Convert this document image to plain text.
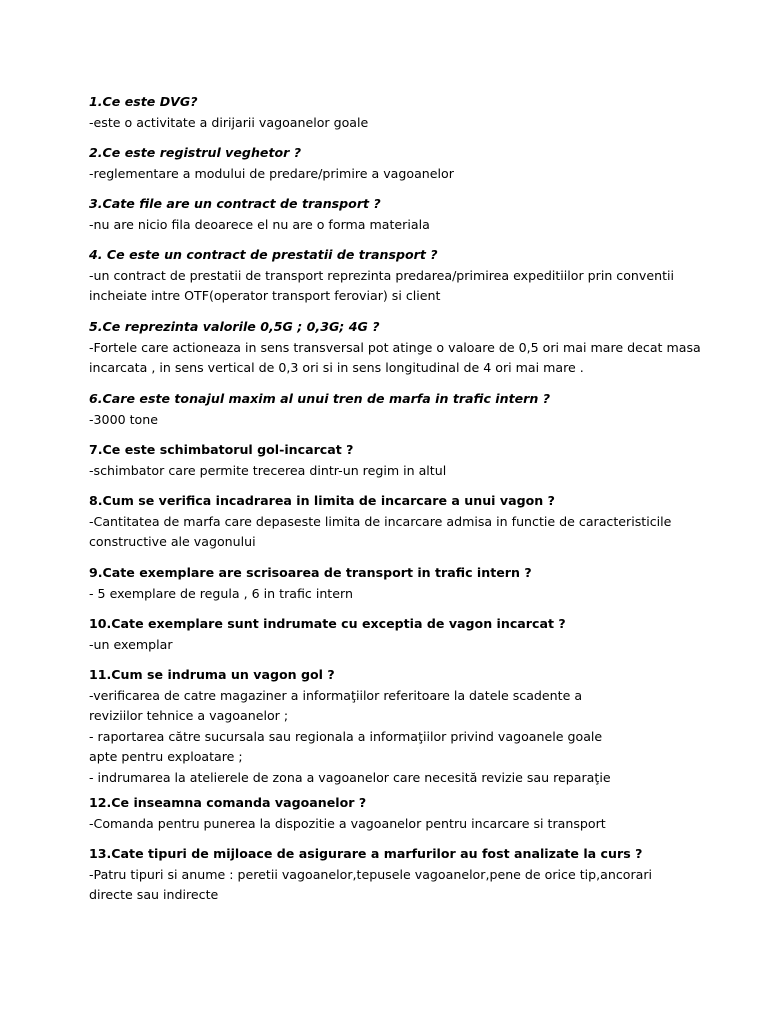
1.Ce este DVG?
-este o activitate a dirijarii vagoanelor goale
2.Ce este registrul veghetor ?
-reglementare a modului de predare/primire a vagoanelor
3.Cate file are un contract de transport ?
-nu are nicio fila deoarece el nu are o forma materiala
4. Ce este un contract de prestatii de transport ?
-un contract de prestatii de transport reprezinta predarea/primirea expeditiilor prin conventii
incheiate intre OTF(operator transport feroviar) si client
5.Ce reprezinta valorile 0,5G ; 0,3G; 4G ?
-Fortele care actioneaza in sens transversal pot atinge o valoare de 0,5 ori mai mare decat masa
incarcata , in sens vertical de 0,3 ori si in sens longitudinal de 4 ori mai mare .
6.Care este tonajul maxim al unui tren de marfa in trafic intern ?
-3000 tone
7.Ce este schimbatorul gol-incarcat ?
-schimbator care permite trecerea dintr-un regim in altul
8.Cum se verifica incadrarea in limita de incarcare a unui vagon ?
-Cantitatea de marfa care depaseste limita de incarcare admisa in functie de caracteristicile
constructive ale vagonului
9.Cate exemplare are scrisoarea de transport in trafic intern ?
- 5 exemplare de regula , 6 in trafic intern
10.Cate exemplare sunt indrumate cu exceptia de vagon incarcat ?
-un exemplar
11.Cum se indruma un vagon gol ?
-verificarea de catre magaziner a informaţiilor referitoare la datele scadente a
reviziilor tehnice a vagoanelor ;
- raportarea către sucursala sau regionala a informaţiilor privind vagoanele goale
apte pentru exploatare ;
- indrumarea la atelierele de zona a vagoanelor care necesită revizie sau reparaţie
12.Ce inseamna comanda vagoanelor ?
-Comanda pentru punerea la dispozitie a vagoanelor pentru incarcare si transport
13.Cate tipuri de mijloace de asigurare a marfurilor au fost analizate la curs ?
-Patru tipuri si anume : peretii vagoanelor,tepusele vagoanelor,pene de orice tip,ancorari
directe sau indirecte
